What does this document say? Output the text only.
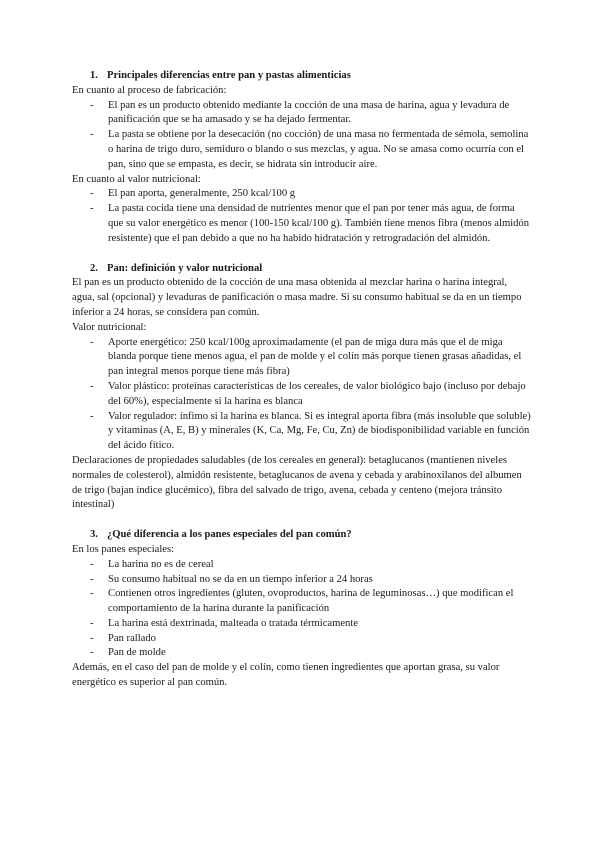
1. Principales diferencias entre pan y pastas alimenticias

En cuanto al proceso de fabricación:

- El pan es un producto obtenido mediante la cocción de una masa de harina, agua y levadura de panificación que se ha amasado y se ha dejado fermentar.
- La pasta se obtiene por la desecación (no cocción) de una masa no fermentada de sémola, semolina o harina de trigo duro, semiduro o blando o sus mezclas, y agua. No se amasa como ocurría con el pan, sino que se empasta, es decir, se hidrata sin introducir aire.

En cuanto al valor nutricional:

- El pan aporta, generalmente, 250 kcal/100 g
- La pasta cocida tiene una densidad de nutrientes menor que el pan por tener más agua, de forma que su valor energético es menor (100-150 kcal/100 g). También tiene menos fibra (menos almidón resistente) que el pan debido a que no ha habido hidratación y retrogradación del almidón.
2. Pan: definición y valor nutricional

El pan es un producto obtenido de la cocción de una masa obtenida al mezclar harina o harina integral, agua, sal (opcional) y levaduras de panificación o masa madre. Si su consumo habitual se da en un tiempo inferior a 24 horas, se considera pan común.

Valor nutricional:

- Aporte energético: 250 kcal/100g aproximadamente (el pan de miga dura más que el de miga blanda porque tiene menos agua, el pan de molde y el colín más porque tienen grasas añadidas, el pan integral menos porque tiene más fibra)
- Valor plástico: proteínas características de los cereales, de valor biológico bajo (incluso por debajo del 60%), especialmente si la harina es blanca
- Valor regulador: ínfimo si la harina es blanca. Si es integral aporta fibra (más insoluble que soluble) y vitaminas (A, E, B) y minerales (K, Ca, Mg, Fe, Cu, Zn) de biodisponibilidad variable en función del ácido fítico.

Declaraciones de propiedades saludables (de los cereales en general): betaglucanos (mantienen niveles normales de colesterol), almidón resistente, betaglucanos de avena y cebada y arabinoxilanos del albumen de trigo (bajan índice glucémico), fibra del salvado de trigo, avena, cebada y centeno (mejora tránsito intestinal)

3. ¿Qué diferencia a los panes especiales del pan común?

En los panes especiales:

- La harina no es de cereal
- Su consumo habitual no se da en un tiempo inferior a 24 horas
- Contienen otros ingredientes (gluten, ovoproductos, harina de leguminosas…) que modifican el comportamiento de la harina durante la panificación
- La harina está dextrinada, malteada o tratada térmicamente
- Pan rallado
- Pan de molde

Además, en el caso del pan de molde y el colín, como tienen ingredientes que aportan grasa, su valor energético es superior al pan común.
